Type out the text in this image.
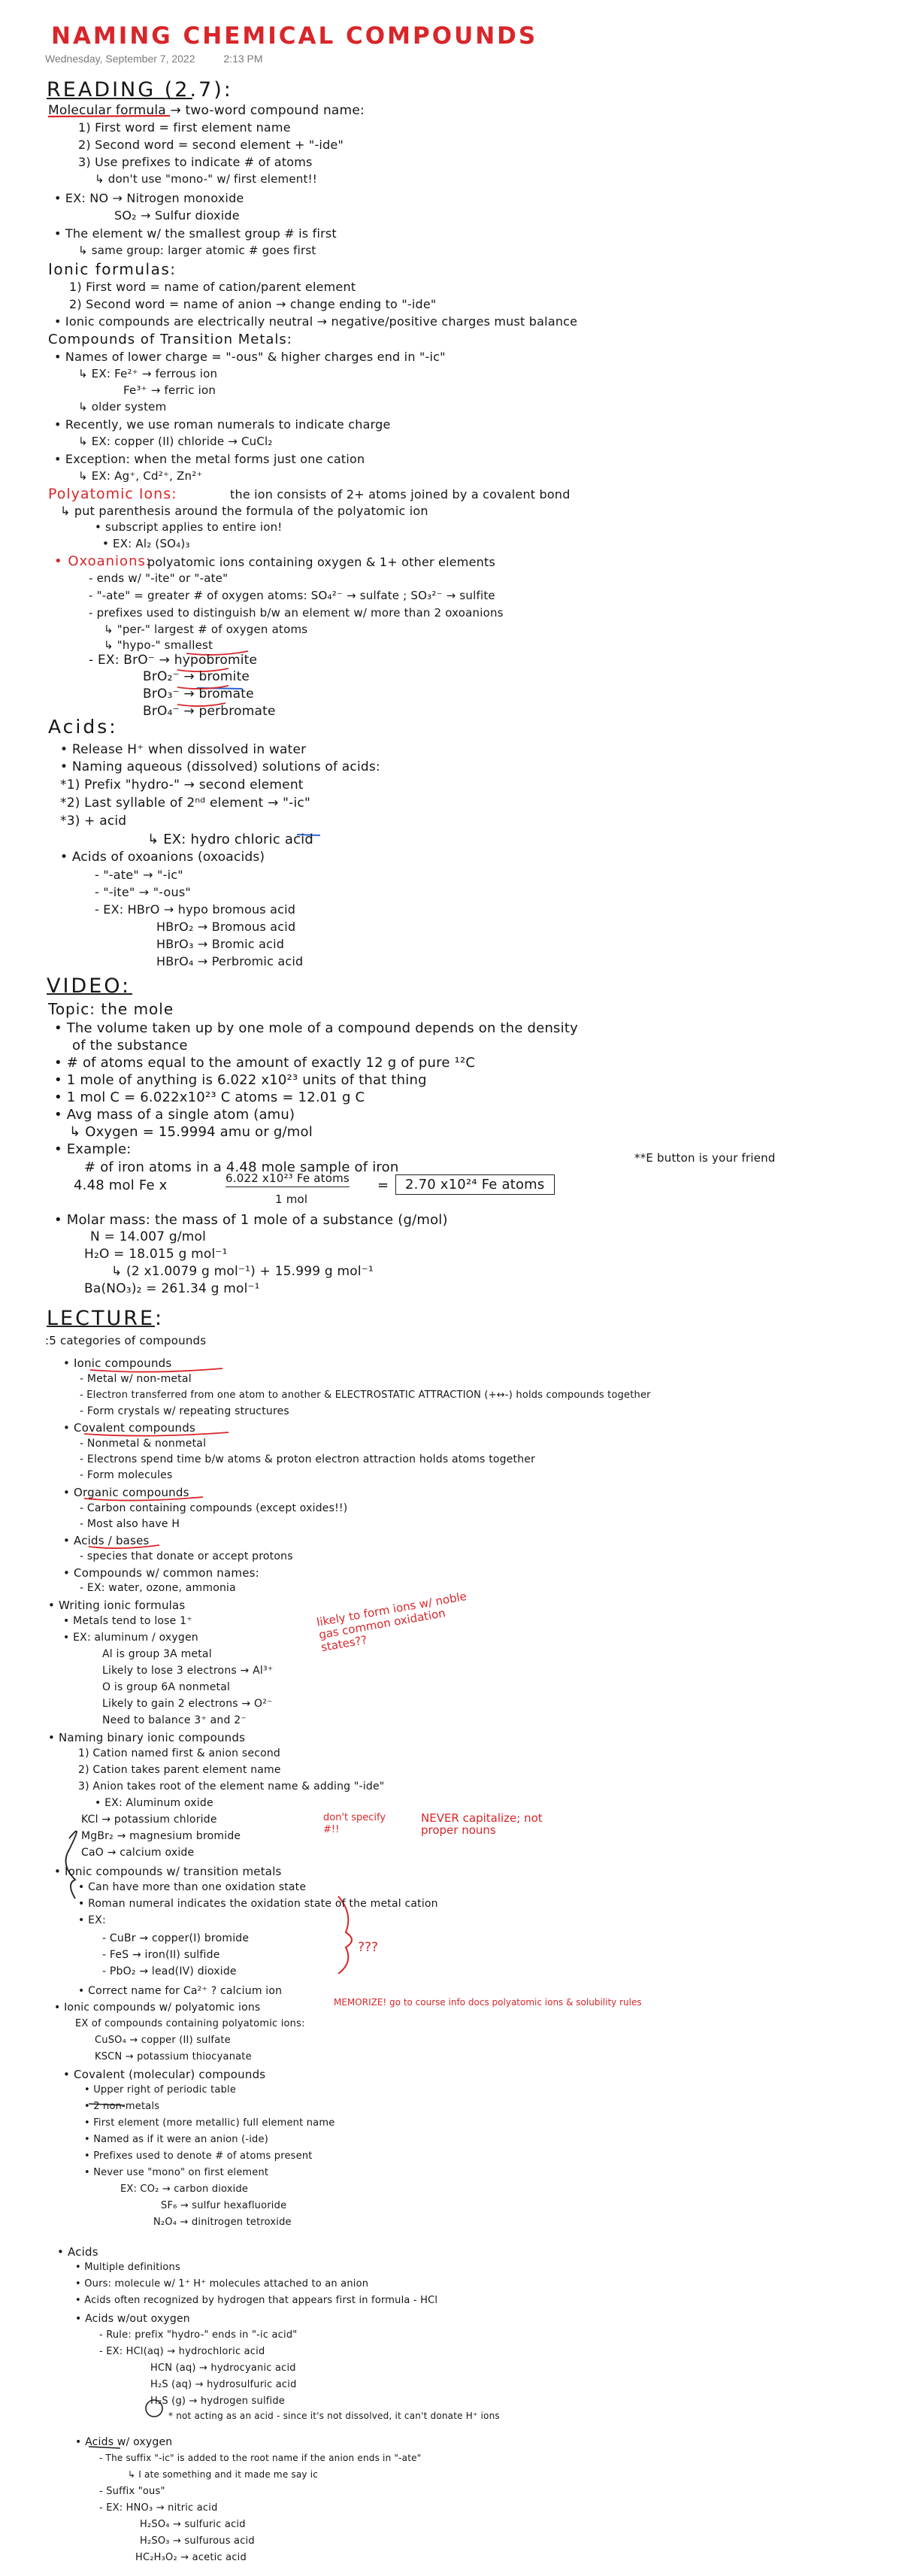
NAMING CHEMICAL COMPOUNDS
Wednesday, September 7, 2022	2:13 PM
READING (2.7):
Molecular formula → two-word compound name:
1) First word = first element name
2) Second word = second element + "-ide"
3) Use prefixes to indicate # of atoms
↳ don't use "mono-" w/ first element!!
• EX: NO → Nitrogen monoxide
SO₂ → Sulfur dioxide
• The element w/ the smallest group # is first
↳ same group: larger atomic # goes first
Ionic formulas:
1) First word = name of cation/parent element
2) Second word = name of anion → change ending to "-ide"
• Ionic compounds are electrically neutral → negative/positive charges must balance
Compounds of Transition Metals:
• Names of lower charge = "-ous" & higher charges end in "-ic"
↳ EX: Fe²⁺ → ferrous ion
Fe³⁺ → ferric ion
↳ older system
• Recently, we use roman numerals to indicate charge
↳ EX: copper (II) chloride → CuCl₂
• Exception: when the metal forms just one cation
↳ EX: Ag⁺, Cd²⁺, Zn²⁺
Polyatomic Ions:	the ion consists of 2+ atoms joined by a covalent bond
↳ put parenthesis around the formula of the polyatomic ion
• subscript applies to entire ion!
• EX: Al₂ (SO₄)₃
• Oxoanions:
polyatomic ions containing oxygen & 1+ other elements
- ends w/ "-ite" or "-ate"
- "-ate" = greater # of oxygen atoms: SO₄²⁻ → sulfate ; SO₃²⁻ → sulfite
- prefixes used to distinguish b/w an element w/ more than 2 oxoanions
↳ "per-" largest # of oxygen atoms
↳ "hypo-" smallest
- EX: BrO⁻ → hypobromite
BrO₂⁻ → bromite
BrO₃⁻ → bromate
BrO₄⁻ → perbromate
Acids:
• Release H⁺ when dissolved in water
• Naming aqueous (dissolved) solutions of acids:
*1) Prefix "hydro-" → second element
*2) Last syllable of 2ⁿᵈ element → "-ic"
*3) + acid
↳ EX: hydro chloric acid
• Acids of oxoanions (oxoacids)
- "-ate" → "-ic"
- "-ite" → "-ous"
- EX: HBrO → hypo bromous acid
HBrO₂ → Bromous acid
HBrO₃ → Bromic acid
HBrO₄ → Perbromic acid
VIDEO:
Topic: the mole
• The volume taken up by one mole of a compound depends on the density
of the substance
• # of atoms equal to the amount of exactly 12 g of pure ¹²C
• 1 mole of anything is 6.022 x10²³ units of that thing
• 1 mol C = 6.022x10²³ C atoms = 12.01 g C
• Avg mass of a single atom (amu)
↳ Oxygen = 15.9994 amu or g/mol
• Example:
# of iron atoms in a 4.48 mole sample of iron
4.48 mol Fe x	6.022 x10²³ Fe atoms
1 mol
=	2.70 x10²⁴ Fe atoms
**E button is your friend
• Molar mass: the mass of 1 mole of a substance (g/mol)
N = 14.007 g/mol
H₂O = 18.015 g mol⁻¹
↳ (2 x1.0079 g mol⁻¹) + 15.999 g mol⁻¹
Ba(NO₃)₂ = 261.34 g mol⁻¹
LECTURE:
:5 categories of compounds
• Ionic compounds
- Metal w/ non-metal
- Electron transferred from one atom to another & ELECTROSTATIC ATTRACTION (+↔-) holds compounds together
- Form crystals w/ repeating structures
• Covalent compounds
- Nonmetal & nonmetal
- Electrons spend time b/w atoms & proton electron attraction holds atoms together
- Form molecules
• Organic compounds
- Carbon containing compounds (except oxides!!)
- Most also have H
• Acids / bases
- species that donate or accept protons
• Compounds w/ common names:
- EX: water, ozone, ammonia
• Writing ionic formulas
• Metals tend to lose 1⁺
• EX: aluminum / oxygen
Al is group 3A metal
Likely to lose 3 electrons → Al³⁺
O is group 6A nonmetal
Likely to gain 2 electrons → O²⁻
Need to balance 3⁺ and 2⁻
likely to form ions w/ noble gas common oxidation states??
• Naming binary ionic compounds
1) Cation named first & anion second
2) Cation takes parent element name
3) Anion takes root of the element name & adding "-ide"
• EX: Aluminum oxide
KCl → potassium chloride
MgBr₂ → magnesium bromide
CaO → calcium oxide
don't specify #!!
NEVER capitalize; not proper nouns
• Ionic compounds w/ transition metals
• Can have more than one oxidation state
• Roman numeral indicates the oxidation state of the metal cation
• EX:
- CuBr → copper(I) bromide
- FeS → iron(II) sulfide
- PbO₂ → lead(IV) dioxide
???
• Correct name for Ca²⁺ ? calcium ion
• Ionic compounds w/ polyatomic ions	MEMORIZE! go to course info docs polyatomic ions & solubility rules
EX of compounds containing polyatomic ions:
CuSO₄ → copper (II) sulfate
KSCN → potassium thiocyanate
• Covalent (molecular) compounds
• Upper right of periodic table
• 2 non-metals
• First element (more metallic) full element name
• Named as if it were an anion (-ide)
• Prefixes used to denote # of atoms present
• Never use "mono" on first element
EX: CO₂ → carbon dioxide
SF₆ → sulfur hexafluoride
N₂O₄ → dinitrogen tetroxide
• Acids
• Multiple definitions
• Ours: molecule w/ 1⁺ H⁺ molecules attached to an anion
• Acids often recognized by hydrogen that appears first in formula - HCl
• Acids w/out oxygen
- Rule: prefix "hydro-" ends in "-ic acid"
- EX: HCl(aq) → hydrochloric acid
HCN (aq) → hydrocyanic acid
H₂S (aq) → hydrosulfuric acid
H₂S (g) → hydrogen sulfide
* not acting as an acid - since it's not dissolved, it can't donate H⁺ ions
• Acids w/ oxygen
- The suffix "-ic" is added to the root name if the anion ends in "-ate"
↳ I ate something and it made me say ic
- Suffix "ous"
- EX: HNO₃ → nitric acid
H₂SO₄ → sulfuric acid
H₂SO₃ → sulfurous acid
HC₂H₃O₂ → acetic acid
